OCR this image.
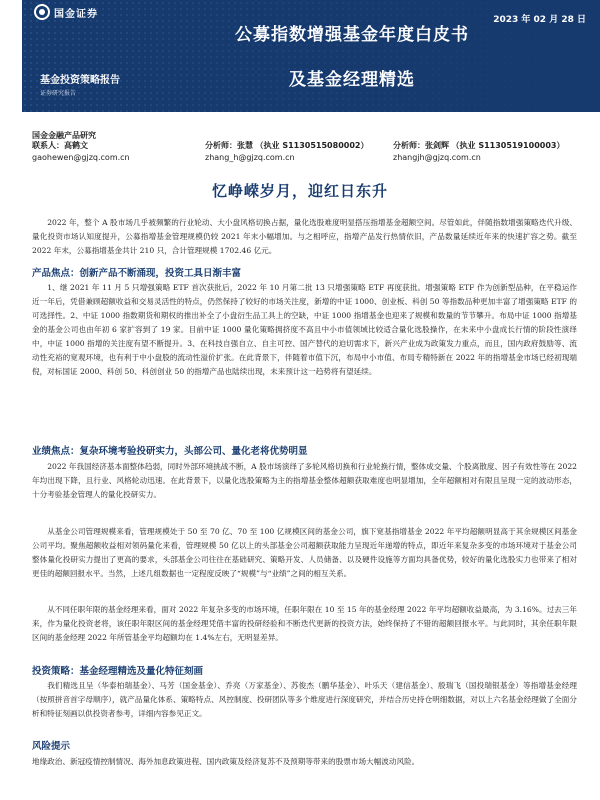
国金证券
2023 年 02 月 28 日
公募指数增强基金年度白皮书
及基金经理精选
基金投资策略报告
证券研究报告
国金金融产品研究
联系人：高鹤文	分析师：张慧 （执业 S1130515080002）	分析师：张剑辉 （执业 S1130519100003）
gaohewen@gjzq.com.cn	zhang_h@gjzq.com.cn	zhangjh@gjzq.com.cn
忆峥嵘岁月，迎红日东升
2022 年，整个 A 股市场几乎被频繁的行业轮动、大小盘风格切换占据，量化选股难度明显搭压指增基金超额空间。尽管如此，伴随指数增强策略迭代升级、量化投资市场认知度提升，公募指增基金管理规模仍较 2021 年末小幅增加。与之相呼应，指增产品发行热情依旧，产品数量延续近年来的快速扩容之势。截至 2022 年末，公募指增基金共计 210 只，合计管理规模 1702.46 亿元。
产品焦点：创新产品不断涌现，投资工具日渐丰富
1、继 2021 年 11 月 5 只增强策略 ETF 首次获批后，2022 年 10 月第二批 13 只增强策略 ETF 再度获批。增强策略 ETF 作为创新型品种，在平稳运作近一年后，凭借兼顾超额收益和交易灵活性的特点，仍然保持了较好的市场关注度，新增的中证 1000、创业板、科创 50 等指数品种更加丰富了增强策略 ETF 的可选择性。2、中证 1000 指数期货和期权的推出补全了小盘衍生品工具上的空缺，中证 1000 指增基金也迎来了规模和数量的节节攀升。布局中证 1000 指增基金的基金公司也由年初 6 家扩容到了 19 家。目前中证 1000 量化策略拥挤度不高且中小市值领域比较适合量化选股操作，在未来中小盘成长行情的阶段性演绎中，中证 1000 指增的关注度有望不断提升。3、在科技自强自立、自主可控、国产替代的迫切需求下，新兴产业成为政策发力重点，而且，国内政府鼓励等、流动性充裕的宽观环境，也有利于中小盘股的流动性溢价扩张。在此背景下，伴随着市值下沉，布局中小市值、布局专精特新在 2022 年的指增基金市场已经初现端倪，对标国证 2000、科创 50、科创创业 50 的指增产品也陆续出现，未来预计这一趋势将有望延续。
业绩焦点：复杂环境考验投研实力，头部公司、量化老将优势明显
2022 年我国经济基本面整体趋弱，同时外部环境挑战不断，A 股市场演绎了多轮风格切换和行业轮换行情，整体成交量、个股离散度、因子有效性等在 2022 年均出现下降，且行业、风格轮动迅速。在此背景下，以量化选股策略为主的指增基金整体超额获取难度也明显增加，全年超额相对有限且呈现一定的波动形态，十分考验基金管理人的量化投研实力。
从基金公司管理规模来看，管理规模处于 50 至 70 亿、70 至 100 亿规模区间的基金公司，旗下宽基指增基金 2022 年平均超额明显高于其余规模区间基金公司平均。聚焦超额收益相对领码量化来看，管理规模 50 亿以上的头部基金公司超额获取能力呈现近年递增的特点，即近年来复杂多变的市场环境对于基金公司整体量化投研实力提出了更高的要求，头部基金公司往往在基础研究、策略开发、人员储备、以及硬件设施等方面均具备优势，较好的量化选股实力也带来了相对更佳的超额回报水平。当然，上述几组数据也一定程度反映了“规模”与“业绩”之间的相互关系。
从不同任职年限的基金经理来看，面对 2022 年复杂多变的市场环境，任职年限在 10 至 15 年的基金经理 2022 年平均超额收益最高，为 3.16%。过去三年来，作为量化投资老将，该任职年限区间的基金经理凭借丰富的投研经验和不断迭代更新的投资方法，始终保持了不错的超额回报水平。与此同时，其余任职年限区间的基金经理 2022 年所管基金平均超额均在 1.4%左右，无明显差异。
投资策略：基金经理精选及量化特征刻画
我们精选且呈（华泰柏瑞基金）、马芳（国金基金）、乔亮（万家基金）、苏俊杰（鹏华基金）、叶乐天（建信基金）、殷瑞飞（国投瑞银基金）等指增基金经理（按照拼音首字母顺序），就产品量化体系、策略特点、风控制度、投研团队等多个维度进行深度研究，并结合历史持仓明细数据，对以上六名基金经理做了全面分析和特征刻画以供投资者参考，详细内容参见正文。
风险提示
地缘政治、新冠疫情控制情况、海外加息政策进程、国内政策及经济复苏不及预期等带来的股票市场大幅波动风险。
